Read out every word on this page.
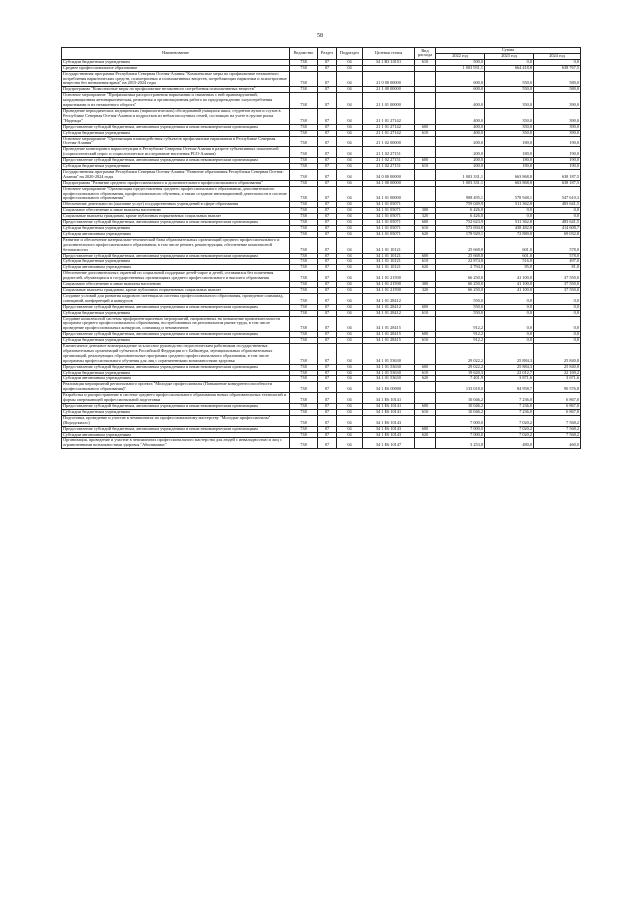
58
Наименование	Ведомство	Раздел	Подраздел	Целевая статья	Вид расхода	Сумма		
						2022 год	2023 год	2024 год
Субсидии бюджетным учреждениям	738	07	04	34 1 В3 10151	610	500,0	0,0	0,0
Среднее профессиональное образование	738	07	04			1 003 931,1	664 418,8	638 767,5
Государственная программа Республики Северная Осетия-Алания "Комплексные меры по профилактике незаконного потребления наркотических средств, психотропных и психоактивных веществ, потребляющих наркотики и психотропные вещества без назначения врача" на 2015-2024 годы	738	07	04	21 0 00 00000		600,0	550,0	580,0
Подпрограмма "Комплексные меры по профилактике незаконного потребления психоактивных веществ"	738	07	04	21 1 00 00000		600,0	550,0	580,0
Основное мероприятие "Профилактика распространения наркомании и связанных с ней правонарушений, координационная антинаркотическая, ремонтная и организационная работа по предупреждению злоупотребления наркотиками и их незаконного оборота"	738	07	04	21 1 01 00000		400,0	350,0	390,0
Проведение периодических медицинских (наркологических) обследований учащихся школ, студентов вузов и ссузов в Республике Северная Осетия-Алания и подростков из неблагополучных семей, состоящих на учете в группе риска "Надежда"	738	07	04	21 1 01 27142		400,0	350,0	390,0
Предоставление субсидий бюджетным, автономным учреждениям и иным некоммерческим организациям	738	07	04	21 1 01 27142	600	400,0	350,0	390,0
Субсидии бюджетным учреждениям	738	07	04	21 1 01 27142	610	400,0	350,0	390,0
Основное мероприятие "Организация взаимодействия субъектов профилактики наркомании в Республике Северная Осетия-Алания"	738	07	04	21 1 02 00000		200,0	180,0	190,0
Проведение мониторинга наркоситуации в Республике Северная Осетия-Алания в разрезе субъективных показателей (социологический опрос и социологическое исследование населения РСО-Алания)	738	07	04	21 1 02 27151		200,0	180,0	190,0
Предоставление субсидий бюджетным, автономным учреждениям и иным некоммерческим организациям	738	07	04	21 1 02 27151	600	200,0	180,0	190,0
Субсидии бюджетным учреждениям	738	07	04	21 1 02 27151	610	200,0	180,0	190,0
Государственная программа Республики Северная Осетия-Алания "Развитие образования Республики Северная Осетия-Алания" на 2020-2024 годы	738	07	04	34 0 00 00000		1 003 331,1	663 868,8	638 187,5
Подпрограмма "Развитие среднего профессионального и дополнительного профессионального образования"	738	07	04	34 1 00 00000		1 003 331,1	663 868,8	638 187,5
Основное мероприятие "Организация предоставления среднего профессионального образования, дополнительного профессионального образования, профессионального обучения, а также создание инновационной деятельности в системе профессионального образования"	738	07	04	34 1 01 00000		908 495,1	578 948,1	547 610,3
Обеспечение деятельности (оказание услуг) государственных учреждений в сфере образования	738	07	04	34 1 01 05071		759 049,9	511 362,8	483 641,5
Социальное обеспечение и иные выплаты населению	738	07	04	34 1 01 05071	300	6 426,0	0,0	0,0
Социальные выплаты гражданам, кроме публичных нормативных социальных выплат	738	07	04	34 1 01 05071	320	6 426,0	0,0	0,0
Предоставление субсидий бюджетным, автономным учреждениям и иным некоммерческим организациям	738	07	04	34 1 01 05071	600	752 623,9	511 362,8	483 641,5
Субсидии бюджетным учреждениям	738	07	04	34 1 01 05071	610	573 694,8	438 482,8	414 608,7
Субсидии автономным учреждениям	738	07	04	34 1 01 05071	620	178 929,1	72 880,0	69 032,8
Развитие и обеспечение материально-технической базы образовательных организаций среднего профессионального и дополнительного профессионального образования, в том числе ремонт, реконструкция, обеспечение комплексной безопасности	738	07	04	34 1 01 10121		25 668,8	601,0	578,0
Предоставление субсидий бюджетным, автономным учреждениям и иным некоммерческим организациям	738	07	04	34 1 01 10121	600	25 668,8	601,0	578,0
Субсидии бюджетным учреждениям	738	07	04	34 1 01 10121	610	22 874,8	516,0	497,0
Субсидии автономным учреждениям	738	07	04	34 1 01 10121	620	2 794,0	85,0	81,0
Обеспечение дополнительных гарантий по социальной поддержке детей-сирот и детей, оставшихся без попечения родителей, обучающихся в государственных организациях среднего профессионального и высшего образования	738	07	04	34 1 01 21590		66 250,0	41 100,0	37 550,0
Социальное обеспечение и иные выплаты населению	738	07	04	34 1 01 21590	300	66 250,0	41 100,0	37 550,0
Социальные выплаты гражданам, кроме публичных нормативных социальных выплат	738	07	04	34 1 01 21590	320	66 250,0	41 100,0	37 550,0
Создание условий для развития кадрового потенциала системы профессионального образования, проведение олимпиад, совещаний, конференций и конкурсов	738	07	04	34 1 01 28412		550,0	0,0	0,0
Предоставление субсидий бюджетным, автономным учреждениям и иным некоммерческим организациям	738	07	04	34 1 01 28412	600	550,0	0,0	0,0
Субсидии бюджетным учреждениям	738	07	04	34 1 01 28412	610	550,0	0,0	0,0
Создание комплексной системы профориентационных мероприятий, направленных на повышение привлекательности программ среднего профессионального образования, востребованных на региональном рынке труда, в том числе проведение профессиональных конкурсов, олимпиад и чемпионатов	738	07	04	34 1 01 28415		912,2	0,0	0,0
Предоставление субсидий бюджетным, автономным учреждениям и иным некоммерческим организациям	738	07	04	34 1 01 28415	600	912,2	0,0	0,0
Субсидии бюджетным учреждениям	738	07	04	34 1 01 28415	610	912,2	0,0	0,0
Ежемесячное денежное вознаграждение за классное руководство педагогическим работникам государственных образовательных организаций субъектов Российской Федерации и г. Байконура, муниципальных образовательных организаций, реализующих образовательные программы среднего профессионального образования, в том числе программы профессионального обучения для лиц с ограниченными возможностями здоровья	738	07	04	34 1 01 53630		29 022,2	25 884,3	25 840,8
Предоставление субсидий бюджетным, автономным учреждениям и иным некоммерческим организациям	738	07	04	34 1 01 53630	600	29 022,2	25 884,3	25 840,8
Субсидии бюджетным учреждениям	738	07	04	34 1 01 53630	610	19 620,3	22 012,7	22 169,2
Субсидии автономным учреждениям	738	07	04	34 1 01 53630	620	7 401,9	3 871,6	3 671,6
Реализация мероприятий регионального проекта "Молодые профессионалы (Повышение конкурентоспособности профессионального образования)"	738	07	04	34 1 E6 00000		133 018,0	84 958,7	90 576,8
Разработка и распространение в системе среднего профессионального образования новых образовательных технологий и формы опережающей профессиональной подготовки	738	07	04	34 1 E6 10141		10 046,2	7 236,0	6 867,0
Предоставление субсидий бюджетным, автономным учреждениям и иным некоммерческим организациям	738	07	04	34 1 E6 10141	600	10 046,2	7 236,0	6 867,0
Субсидии бюджетным учреждениям	738	07	04	34 1 E6 10141	610	10 046,2	7 236,0	6 867,0
Подготовка, проведение и участие в чемпионатах по профессиональному мастерству "Молодые профессионалы" (Ворлдскиллс)	738	07	04	34 1 E6 10143		7 000,0	7 020,2	7 568,2
Предоставление субсидий бюджетным, автономным учреждениям и иным некоммерческим организациям	738	07	04	34 1 E6 10143	600	7 000,0	7 020,2	7 568,2
Субсидии автономным учреждениям	738	07	04	34 1 E6 10143	620	7 000,0	7 020,2	7 568,2
Организация, проведение и участие в чемпионатах профессионального мастерства для людей с инвалидностью и лиц с ограниченными возможностями здоровья "Абилимпикс"	738	07	04	34 1 E6 10147		3 253,8	480,0	460,0
